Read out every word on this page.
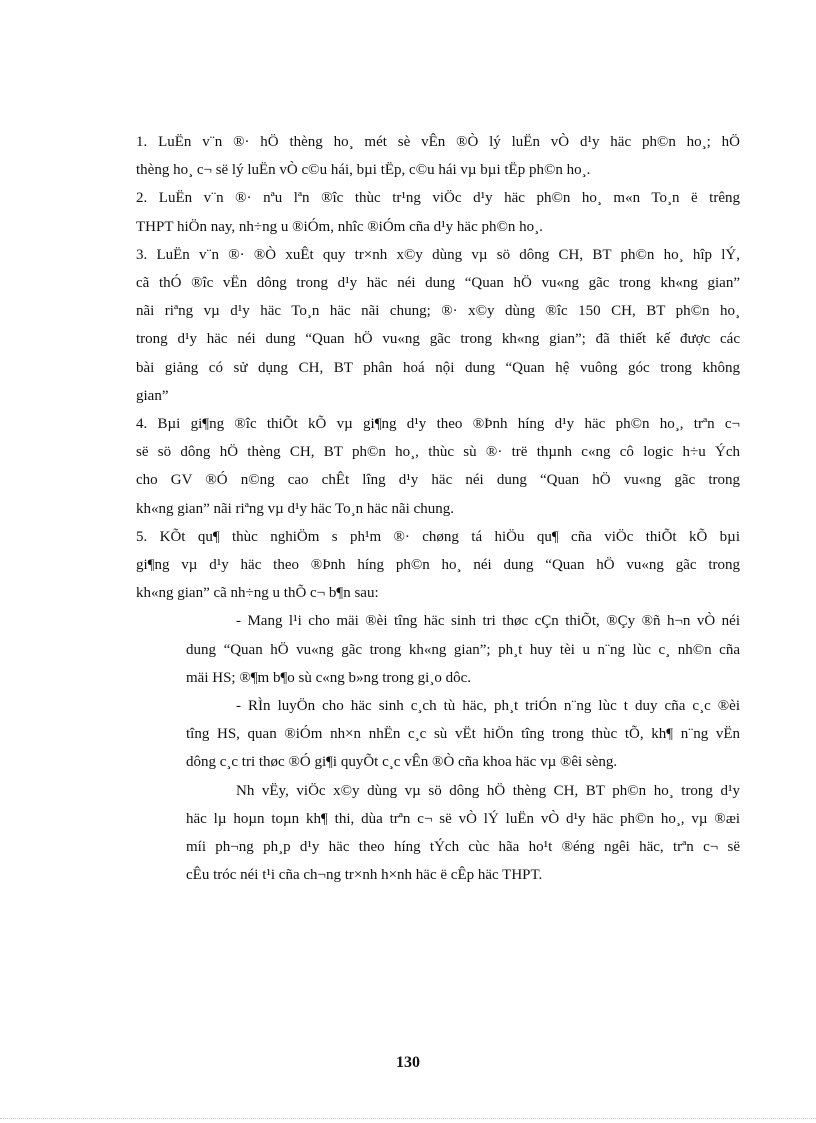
1. LuËn v¨n ®· hÖ thèng ho¸ mét sè vÊn ®Ò lý luËn vÒ d¹y häc ph©n ho¸; hÖ
thèng ho¸ c¬ së lý luËn vÒ c©u hái, bµi tËp, c©u hái vµ bµi tËp ph©n ho¸.
2. LuËn v¨n ®· nªu lªn ®îc thùc tr¹ng viÖc d¹y häc ph©n ho¸ m«n To¸n ë trêng
THPT hiÖn nay, nh÷ng u ®iÓm, nhîc ®iÓm cña d¹y häc ph©n ho¸.
3. LuËn v¨n ®· ®Ò xuÊt quy tr×nh x©y dùng vµ sö dông CH, BT ph©n ho¸ hîp lÝ,
cã thÓ ®îc vËn dông trong d¹y häc néi dung “Quan hÖ vu«ng gãc trong kh«ng gian”
nãi riªng vµ d¹y häc To¸n häc nãi chung; ®· x©y dùng ®îc 150 CH, BT ph©n ho¸
trong d¹y häc néi dung “Quan hÖ vu«ng gãc trong kh«ng gian”; đã thiết kế được các
bài giảng có sử dụng CH, BT phân hoá nội dung “Quan hệ vuông góc trong không
gian”
4. Bµi gi¶ng ®îc thiÕt kÕ vµ gi¶ng d¹y theo ®Þnh híng d¹y häc ph©n ho¸, trªn c¬
së sö dông hÖ thèng CH, BT ph©n ho¸, thùc sù ®· trë thµnh c«ng cô logic h÷u Ých
cho GV ®Ó n©ng cao chÊt lîng d¹y häc néi dung “Quan hÖ vu«ng gãc trong
kh«ng gian” nãi riªng vµ d¹y häc To¸n häc nãi chung.
5. KÕt qu¶ thùc nghiÖm s ph¹m ®· chøng tá hiÖu qu¶ cña viÖc thiÕt kÕ bµi
gi¶ng vµ d¹y häc theo ®Þnh híng ph©n ho¸ néi dung “Quan hÖ vu«ng gãc trong
kh«ng gian” cã nh÷ng u thÕ c¬ b¶n sau:
- Mang l¹i cho mäi ®èi tîng häc sinh tri thøc cÇn thiÕt, ®Çy ®ñ h¬n vÒ néi
dung “Quan hÖ vu«ng gãc trong kh«ng gian”; ph¸t huy tèi u n¨ng lùc c¸ nh©n cña
mäi HS; ®¶m b¶o sù c«ng b»ng trong gi¸o dôc.
- RÌn luyÖn cho häc sinh c¸ch tù häc, ph¸t triÓn n¨ng lùc t duy cña c¸c ®èi
tîng HS, quan ®iÓm nh×n nhËn c¸c sù vËt hiÖn tîng trong thùc tÕ, kh¶ n¨ng vËn
dông c¸c tri thøc ®Ó gi¶i quyÕt c¸c vÊn ®Ò cña khoa häc vµ ®êi sèng.
Nh vËy, viÖc x©y dùng vµ sö dông hÖ thèng CH, BT ph©n ho¸ trong d¹y
häc lµ hoµn toµn kh¶ thi, dùa trªn c¬ së vÒ lÝ luËn vÒ d¹y häc ph©n ho¸, vµ ®æi
míi ph¬ng ph¸p d¹y häc theo híng tÝch cùc hãa ho¹t ®éng ngêi häc, trªn c¬ së
cÊu tróc néi t¹i cña ch¬ng tr×nh h×nh häc ë cÊp häc THPT.
130
